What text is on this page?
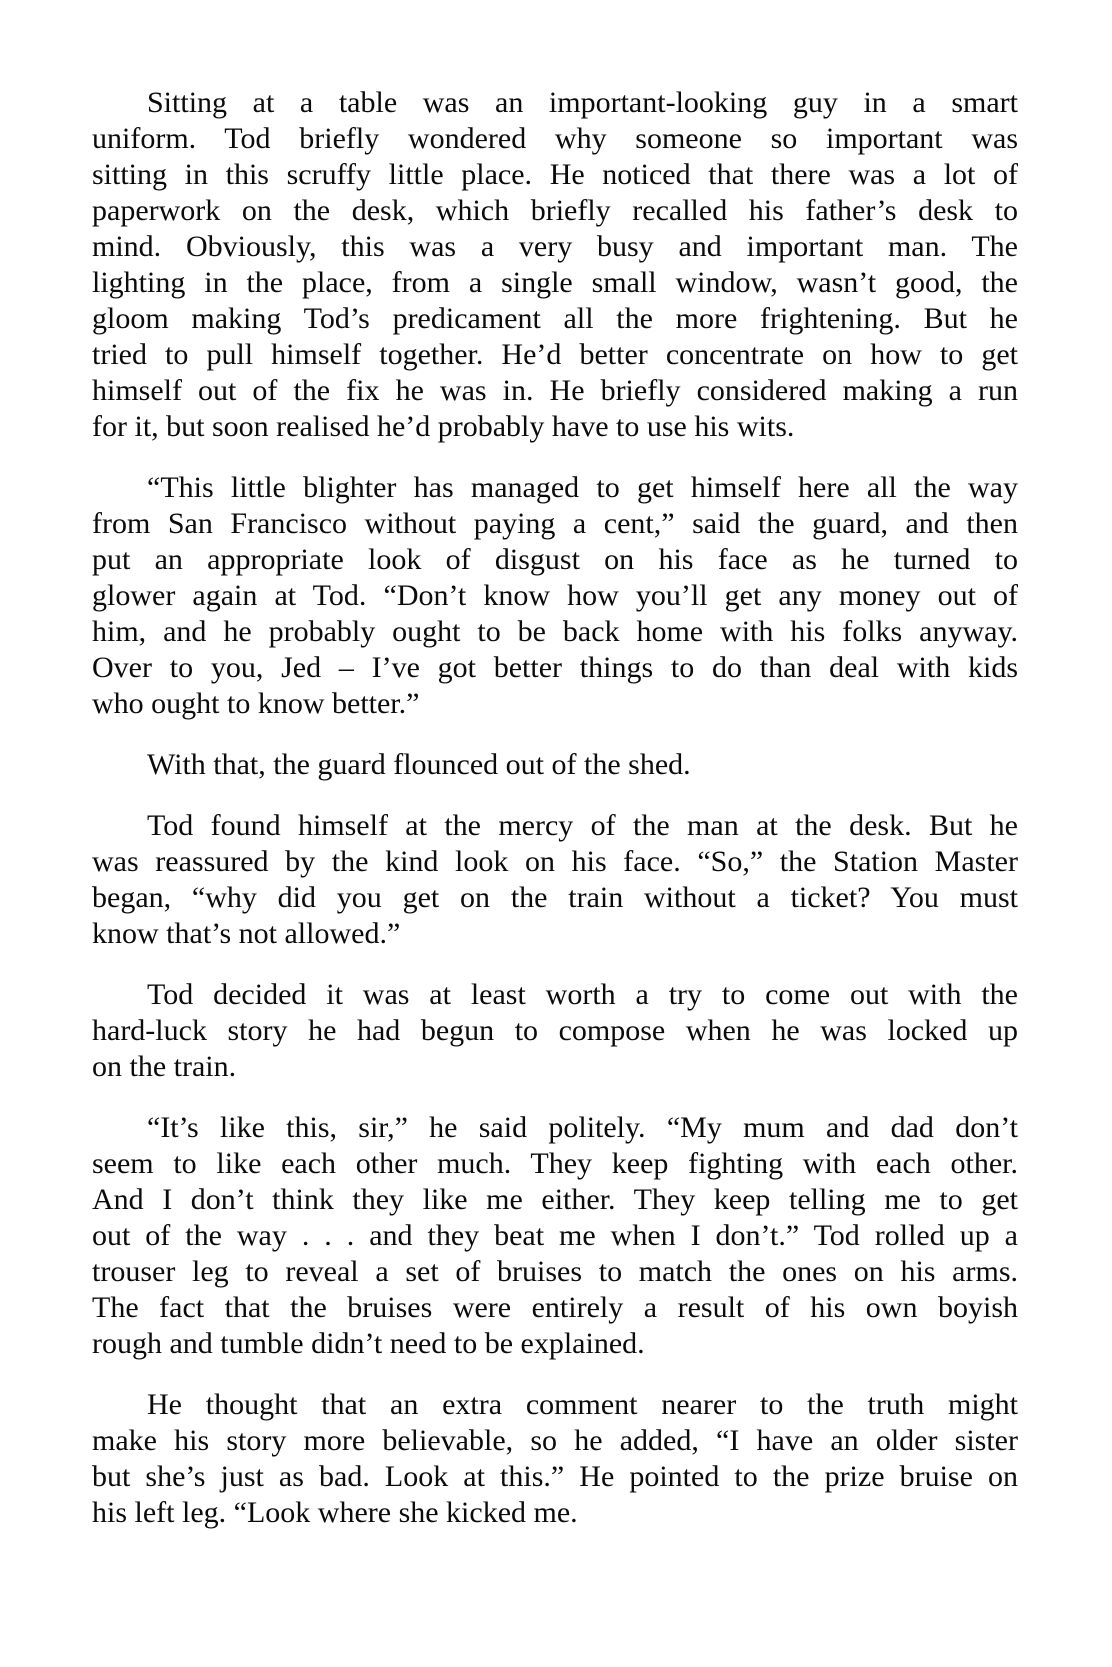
Sitting at a table was an important-looking guy in a smart
uniform. Tod briefly wondered why someone so important was
sitting in this scruffy little place. He noticed that there was a lot of
paperwork on the desk, which briefly recalled his father’s desk to
mind. Obviously, this was a very busy and important man. The
lighting in the place, from a single small window, wasn’t good, the
gloom making Tod’s predicament all the more frightening. But he
tried to pull himself together. He’d better concentrate on how to get
himself out of the fix he was in. He briefly considered making a run
for it, but soon realised he’d probably have to use his wits.
“This little blighter has managed to get himself here all the way
from San Francisco without paying a cent,” said the guard, and then
put an appropriate look of disgust on his face as he turned to
glower again at Tod. “Don’t know how you’ll get any money out of
him, and he probably ought to be back home with his folks anyway.
Over to you, Jed – I’ve got better things to do than deal with kids
who ought to know better.”
With that, the guard flounced out of the shed.
Tod found himself at the mercy of the man at the desk. But he
was reassured by the kind look on his face. “So,” the Station Master
began, “why did you get on the train without a ticket? You must
know that’s not allowed.”
Tod decided it was at least worth a try to come out with the
hard-luck story he had begun to compose when he was locked up
on the train.
“It’s like this, sir,” he said politely. “My mum and dad don’t
seem to like each other much. They keep fighting with each other.
And I don’t think they like me either. They keep telling me to get
out of the way . . . and they beat me when I don’t.” Tod rolled up a
trouser leg to reveal a set of bruises to match the ones on his arms.
The fact that the bruises were entirely a result of his own boyish
rough and tumble didn’t need to be explained.
He thought that an extra comment nearer to the truth might
make his story more believable, so he added, “I have an older sister
but she’s just as bad. Look at this.” He pointed to the prize bruise on
his left leg. “Look where she kicked me.
